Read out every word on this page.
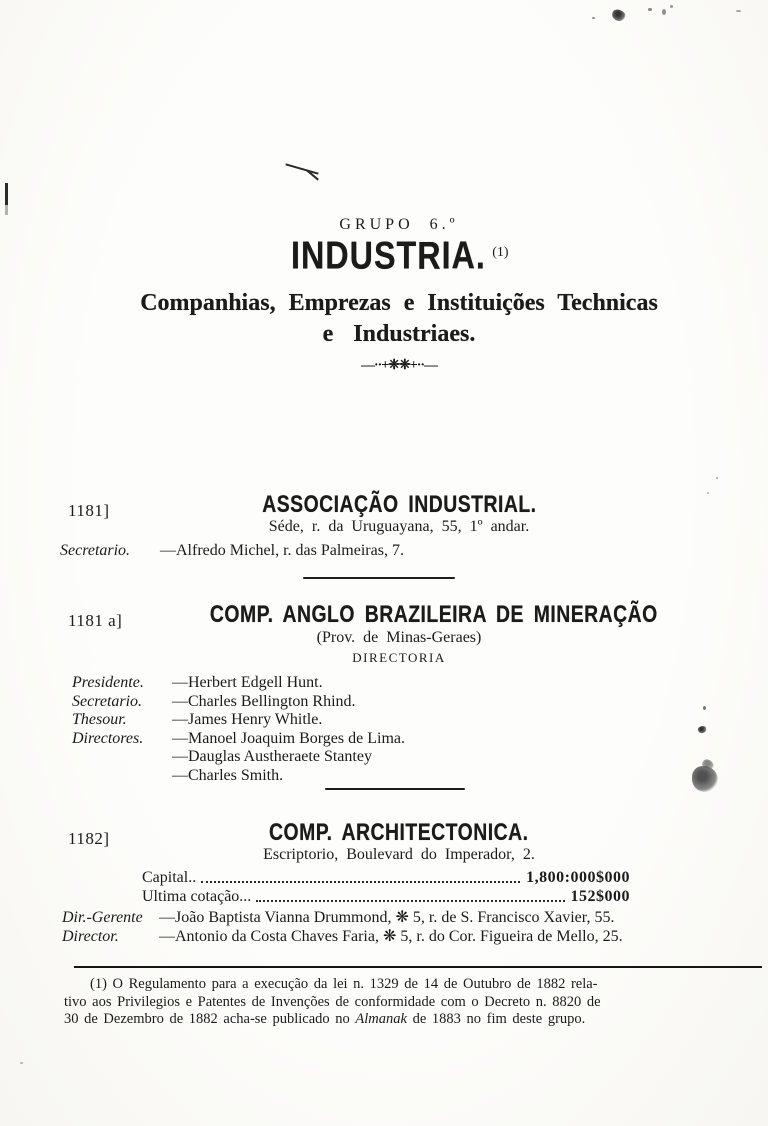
GRUPO 6.º
INDUSTRIA. $^{(1)}$
Companhias, Emprezas e Instituições Technicas
e Industriaes.
—··+❈❈+··—
1181]	ASSOCIAÇÃO INDUSTRIAL.
Séde, r. da Uruguayana, 55, 1º andar.
Secretario.	—Alfredo Michel, r. das Palmeiras, 7.
1181 a]	COMP. ANGLO BRAZILEIRA DE MINERAÇÃO
(Prov. de Minas-Geraes)
DIRECTORIA
Presidente.	—Herbert Edgell Hunt.
Secretario.	—Charles Bellington Rhind.
Thesour.	—James Henry Whitle.
Directores.	—Manoel Joaquim Borges de Lima.
—Dauglas Austheraete Stantey
—Charles Smith.
1182]	COMP. ARCHITECTONICA.
Escriptorio, Boulevard do Imperador, 2.
Capital..	1,800:000$000
Ultima cotação...	152$000
Dir.-Gerente	—João Baptista Vianna Drummond, ❋ 5, r. de S. Francisco Xavier, 55.
Director.	—Antonio da Costa Chaves Faria, ❋ 5, r. do Cor. Figueira de Mello, 25.
(1) O Regulamento para a execução da lei n. 1329 de 14 de Outubro de 1882 rela-
tivo aos Privilegios e Patentes de Invenções de conformidade com o Decreto n. 8820 de
30 de Dezembro de 1882 acha-se publicado no Almanak de 1883 no fim deste grupo.
